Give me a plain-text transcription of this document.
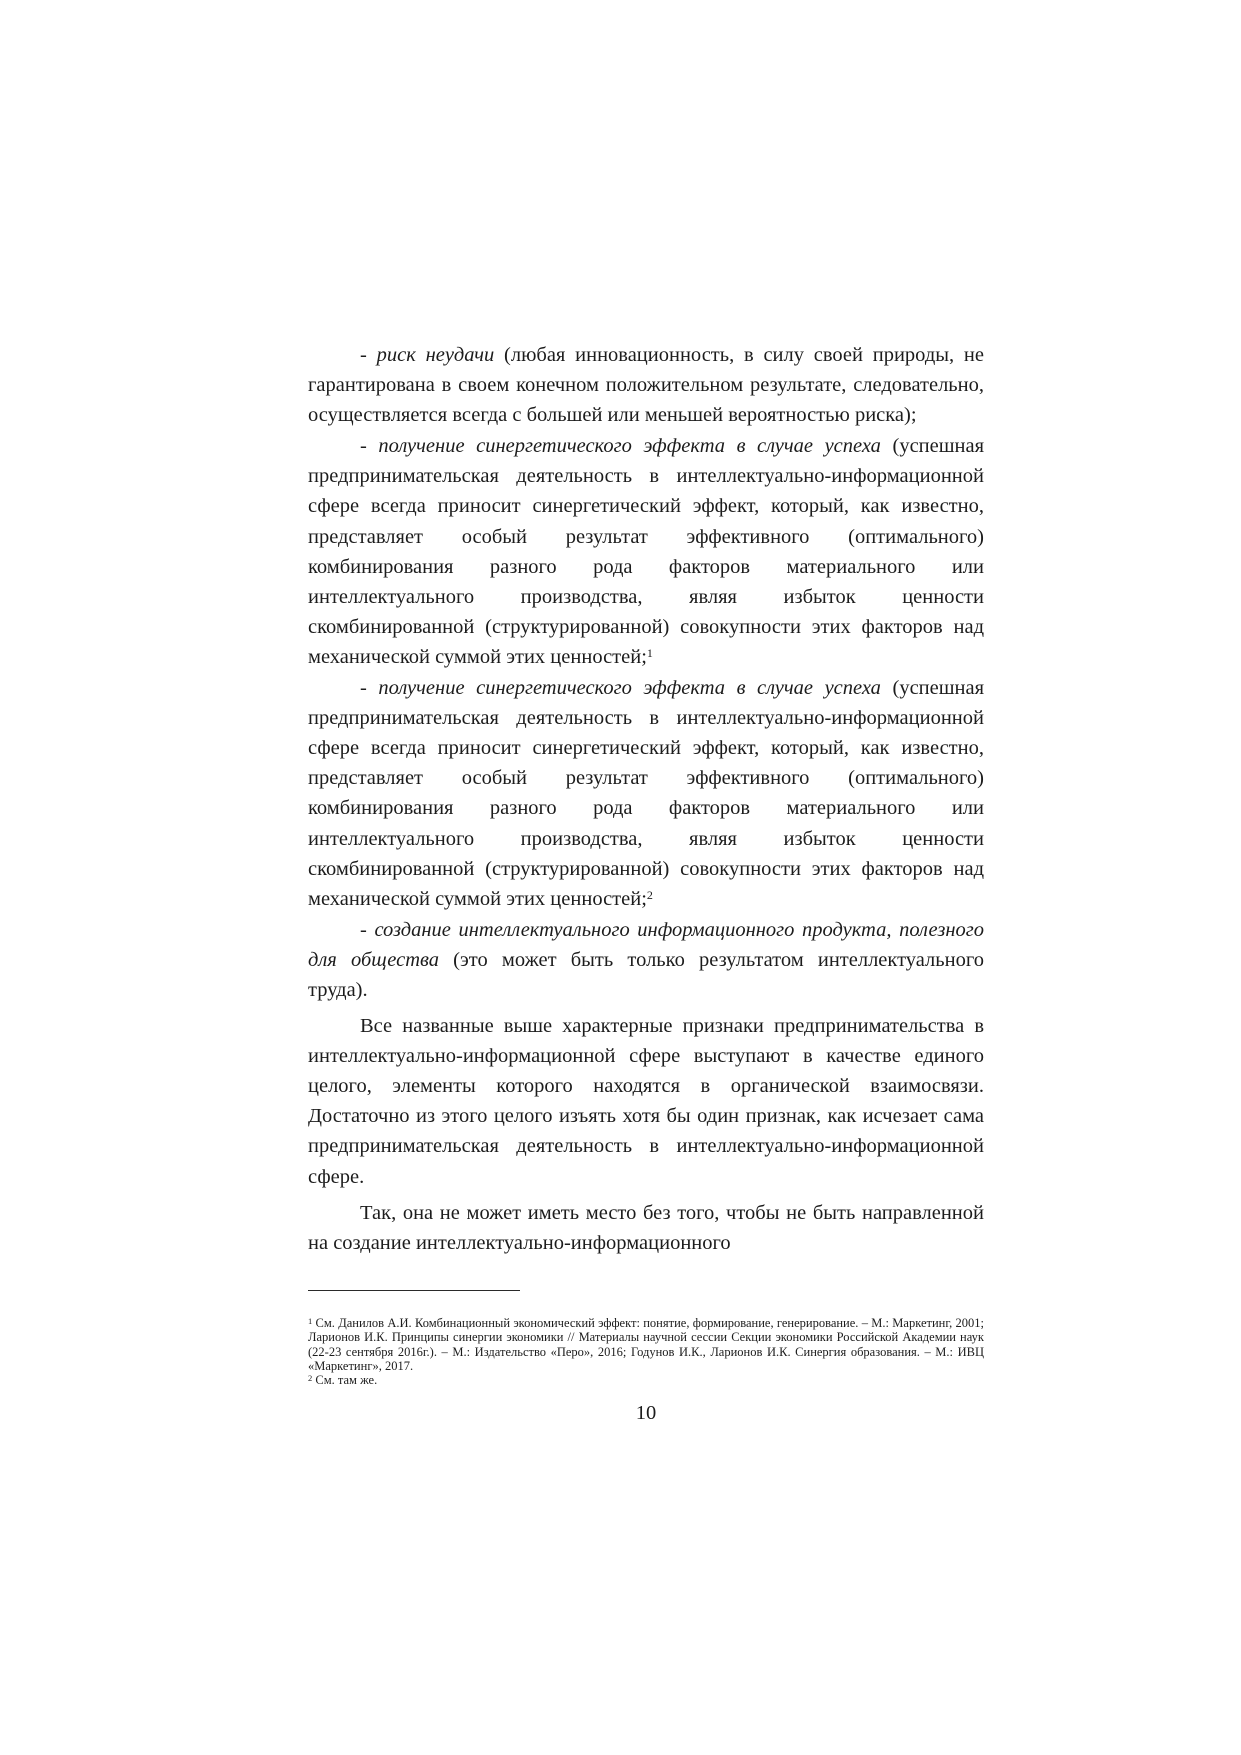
- риск неудачи (любая инновационность, в силу своей природы, не гарантирована в своем конечном положительном результате, следовательно, осуществляется всегда с большей или меньшей вероятностью риска);

- получение синергетического эффекта в случае успеха (успешная предпринимательская деятельность в интеллектуально-информационной сфере всегда приносит синергетический эффект, который, как известно, представляет особый результат эффективного (оптимального) комбинирования разного рода факторов материального или интеллектуального производства, являя избыток ценности скомбинированной (структурированной) совокупности этих факторов над механической суммой этих ценностей;$^1$

- получение синергетического эффекта в случае успеха (успешная предпринимательская деятельность в интеллектуально-информационной сфере всегда приносит синергетический эффект, который, как известно, представляет особый результат эффективного (оптимального) комбинирования разного рода факторов материального или интеллектуального производства, являя избыток ценности скомбинированной (структурированной) совокупности этих факторов над механической суммой этих ценностей;$^2$

- создание интеллектуального информационного продукта, полезного для общества (это может быть только результатом интеллектуального труда).

Все названные выше характерные признаки предпринимательства в интеллектуально-информационной сфере выступают в качестве единого целого, элементы которого находятся в органической взаимосвязи. Достаточно из этого целого изъять хотя бы один признак, как исчезает сама предпринимательская деятельность в интеллектуально-информационной сфере.

Так, она не может иметь место без того, чтобы не быть направленной на создание интеллектуально-информационного

$^1$ См. Данилов А.И. Комбинационный экономический эффект: понятие, формирование, генерирование. – М.: Маркетинг, 2001; Ларионов И.К. Принципы синергии экономики // Материалы научной сессии Секции экономики Российской Академии наук (22-23 сентября 2016г.). – М.: Издательство «Перо», 2016; Годунов И.К., Ларионов И.К. Синергия образования. – М.: ИВЦ «Маркетинг», 2017.

$^2$ См. там же.

10
